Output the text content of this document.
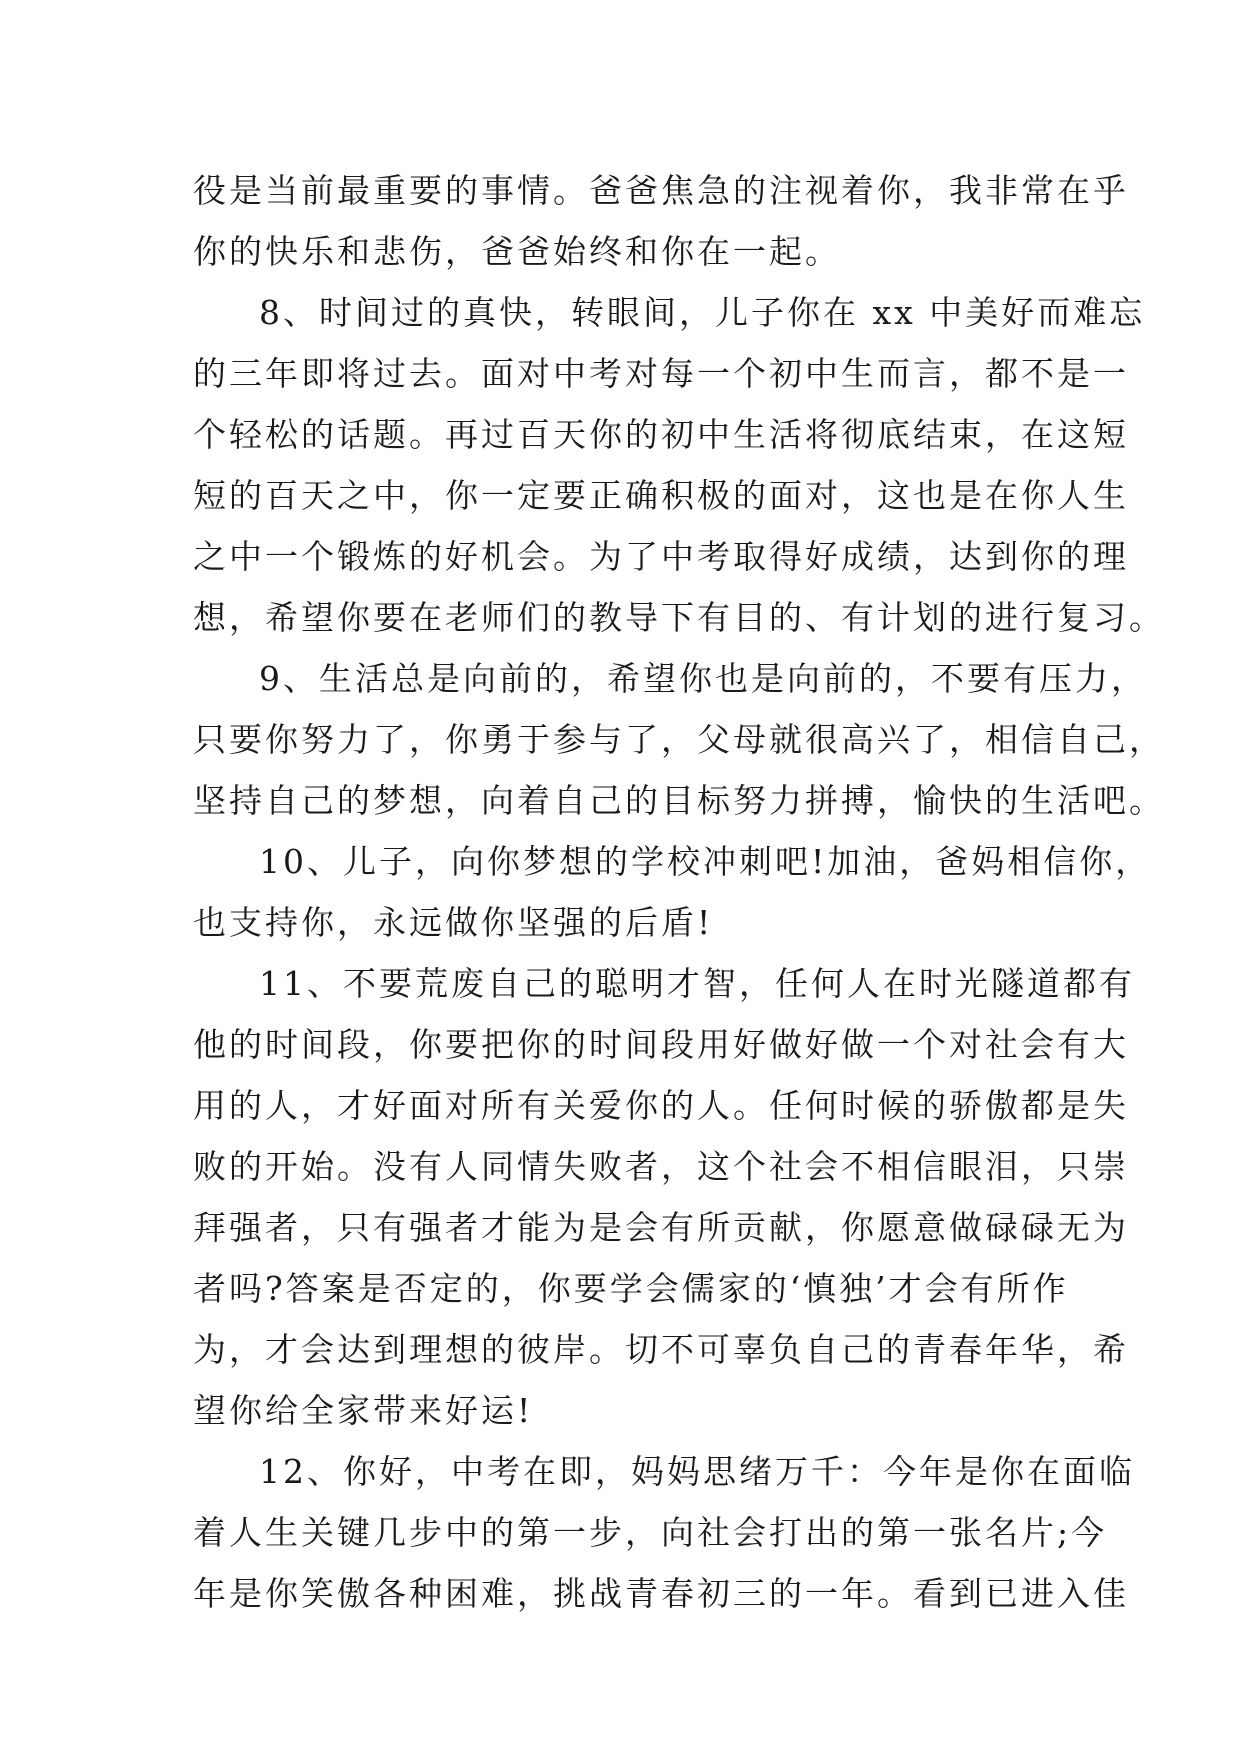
役是当前最重要的事情。爸爸焦急的注视着你，我非常在乎
你的快乐和悲伤，爸爸始终和你在一起。
8、时间过的真快，转眼间，儿子你在 xx 中美好而难忘
的三年即将过去。面对中考对每一个初中生而言，都不是一
个轻松的话题。再过百天你的初中生活将彻底结束，在这短
短的百天之中，你一定要正确积极的面对，这也是在你人生
之中一个锻炼的好机会。为了中考取得好成绩，达到你的理
想，希望你要在老师们的教导下有目的、有计划的进行复习。
9、生活总是向前的，希望你也是向前的，不要有压力，
只要你努力了，你勇于参与了，父母就很高兴了，相信自己，
坚持自己的梦想，向着自己的目标努力拼搏，愉快的生活吧。
10、儿子，向你梦想的学校冲刺吧!加油，爸妈相信你，
也支持你，永远做你坚强的后盾!
11、不要荒废自己的聪明才智，任何人在时光隧道都有
他的时间段，你要把你的时间段用好做好做一个对社会有大
用的人，才好面对所有关爱你的人。任何时候的骄傲都是失
败的开始。没有人同情失败者，这个社会不相信眼泪，只崇
拜强者，只有强者才能为是会有所贡献，你愿意做碌碌无为
者吗?答案是否定的，你要学会儒家的‘慎独’才会有所作
为，才会达到理想的彼岸。切不可辜负自己的青春年华，希
望你给全家带来好运!
12、你好，中考在即，妈妈思绪万千：今年是你在面临
着人生关键几步中的第一步，向社会打出的第一张名片;今
年是你笑傲各种困难，挑战青春初三的一年。看到已进入佳
